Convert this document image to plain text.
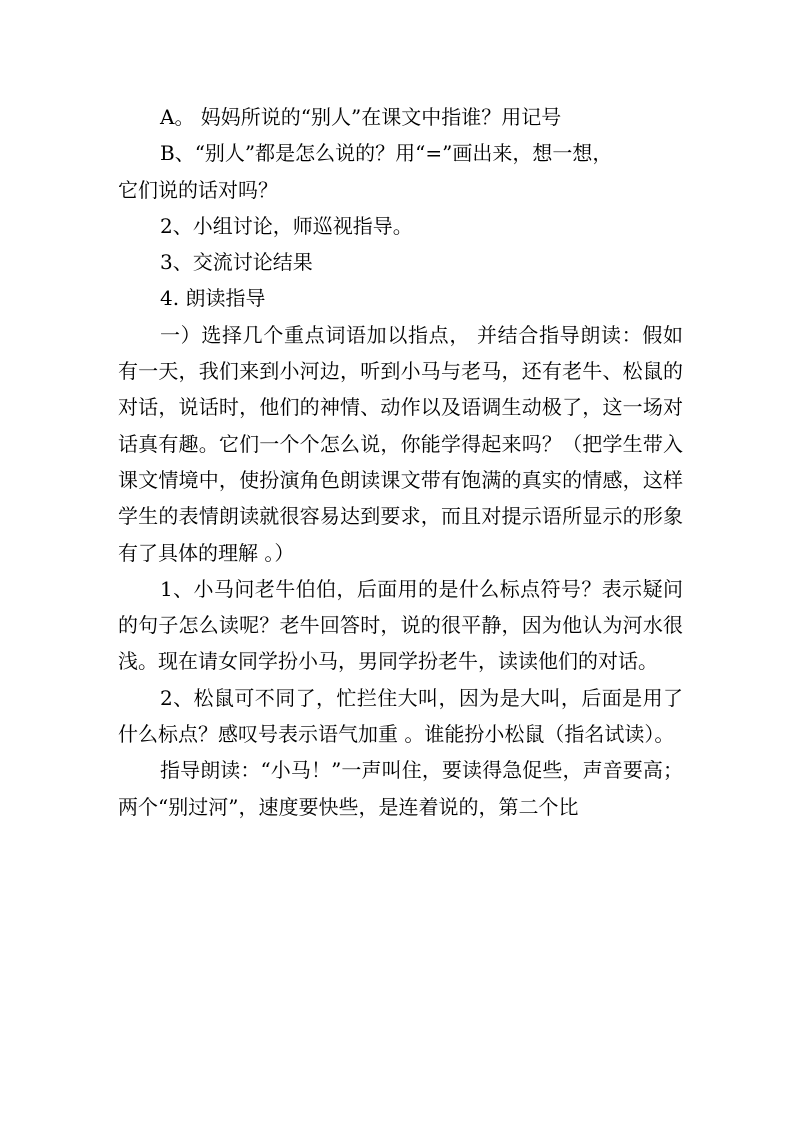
A。 妈妈所说的“别人”在课文中指谁？用记号

B、“别人”都是怎么说的？用“=”画出来，想一想，

它们说的话对吗？

2、小组讨论，师巡视指导。

3、交流讨论结果

4. 朗读指导

一）选择几个重点词语加以指点， 并结合指导朗读：假如有一天，我们来到小河边，听到小马与老马，还有老牛、松鼠的对话，说话时，他们的神情、动作以及语调生动极了，这一场对话真有趣。它们一个个怎么说，你能学得起来吗？（把学生带入课文情境中，使扮演角色朗读课文带有饱满的真实的情感，这样学生的表情朗读就很容易达到要求，而且对提示语所显示的形象有了具体的理解 。）

1、小马问老牛伯伯，后面用的是什么标点符号？表示疑问的句子怎么读呢？老牛回答时，说的很平静，因为他认为河水很浅。现在请女同学扮小马，男同学扮老牛，读读他们的对话。

2、松鼠可不同了，忙拦住大叫，因为是大叫，后面是用了什么标点？感叹号表示语气加重 。谁能扮小松鼠（指名试读）。

指导朗读：“小马！”一声叫住，要读得急促些，声音要高；两个“别过河”，速度要快些，是连着说的，第二个比
